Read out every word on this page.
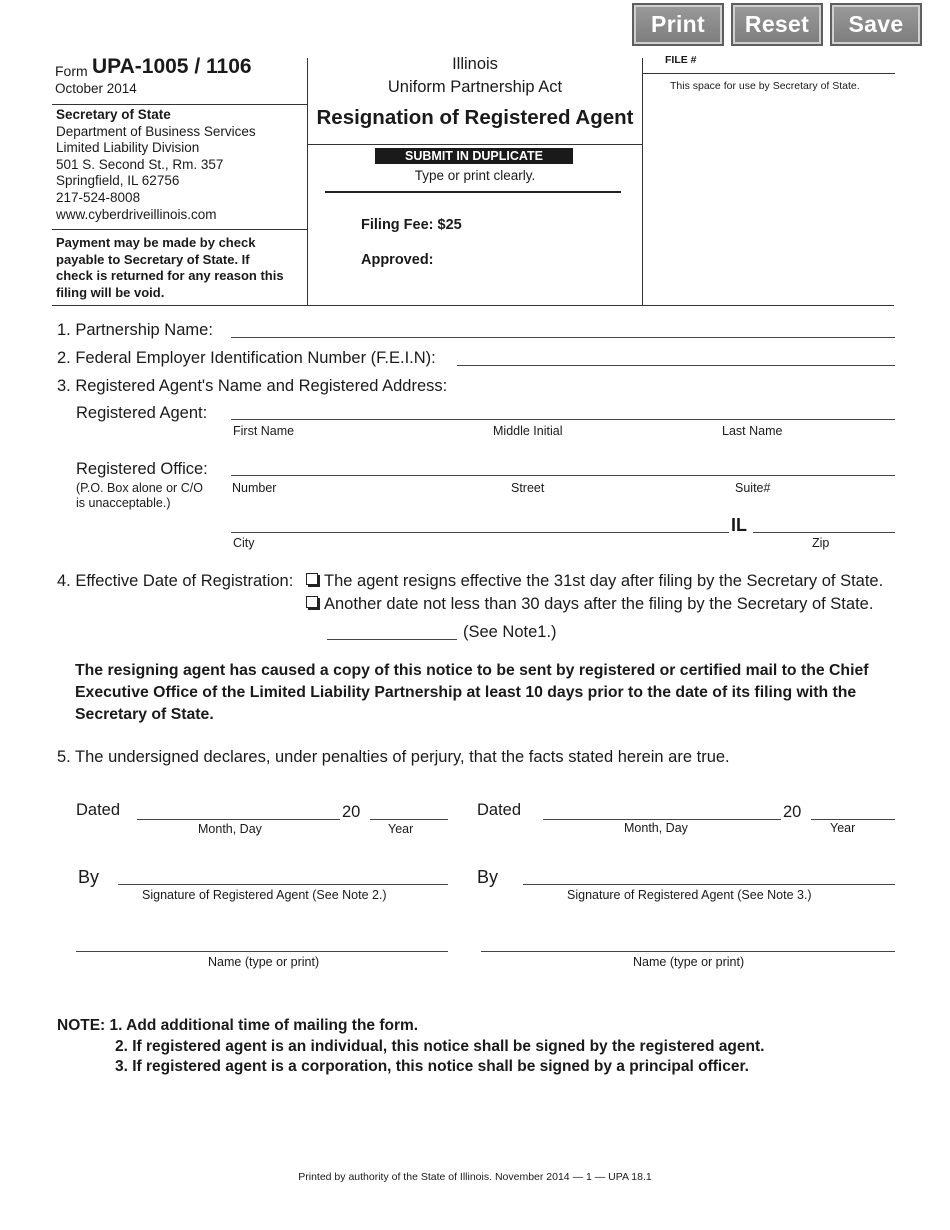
Print	Reset	Save
Form UPA-1005 / 1106
October 2014
Secretary of State
Department of Business Services
Limited Liability Division
501 S. Second St., Rm. 357
Springfield, IL 62756
217-524-8008
www.cyberdriveillinois.com
Payment may be made by check
payable to Secretary of State. If
check is returned for any reason this
filing will be void.
Illinois
Uniform Partnership Act
Resignation of Registered Agent
SUBMIT IN DUPLICATE
Type or print clearly.
Filing Fee: $25
Approved:
FILE #
This space for use by Secretary of State.
1. Partnership Name:
2. Federal Employer Identification Number (F.E.I.N):
3. Registered Agent's Name and Registered Address:
Registered Agent:
First Name	Middle Initial	Last Name
Registered Office:
(P.O. Box alone or C/O
is unacceptable.)
Number	Street	Suite#
IL
City	Zip
4. Effective Date of Registration:	The agent resigns effective the 31st day after filing by the Secretary of State.
Another date not less than 30 days after the filing by the Secretary of State.
(See Note1.)
The resigning agent has caused a copy of this notice to be sent by registered or certified mail to the Chief
Executive Office of the Limited Liability Partnership at least 10 days prior to the date of its filing with the
Secretary of State.
5. The undersigned declares, under penalties of perjury, that the facts stated herein are true.
Dated	20
Month, Day	Year
By
Signature of Registered Agent (See Note 2.)
Name (type or print)
Dated	20
Month, Day	Year
By
Signature of Registered Agent (See Note 3.)
Name (type or print)
NOTE: 1. Add additional time of mailing the form.
2. If registered agent is an individual, this notice shall be signed by the registered agent.
3. If registered agent is a corporation, this notice shall be signed by a principal officer.
Printed by authority of the State of Illinois. November 2014 — 1 — UPA 18.1
